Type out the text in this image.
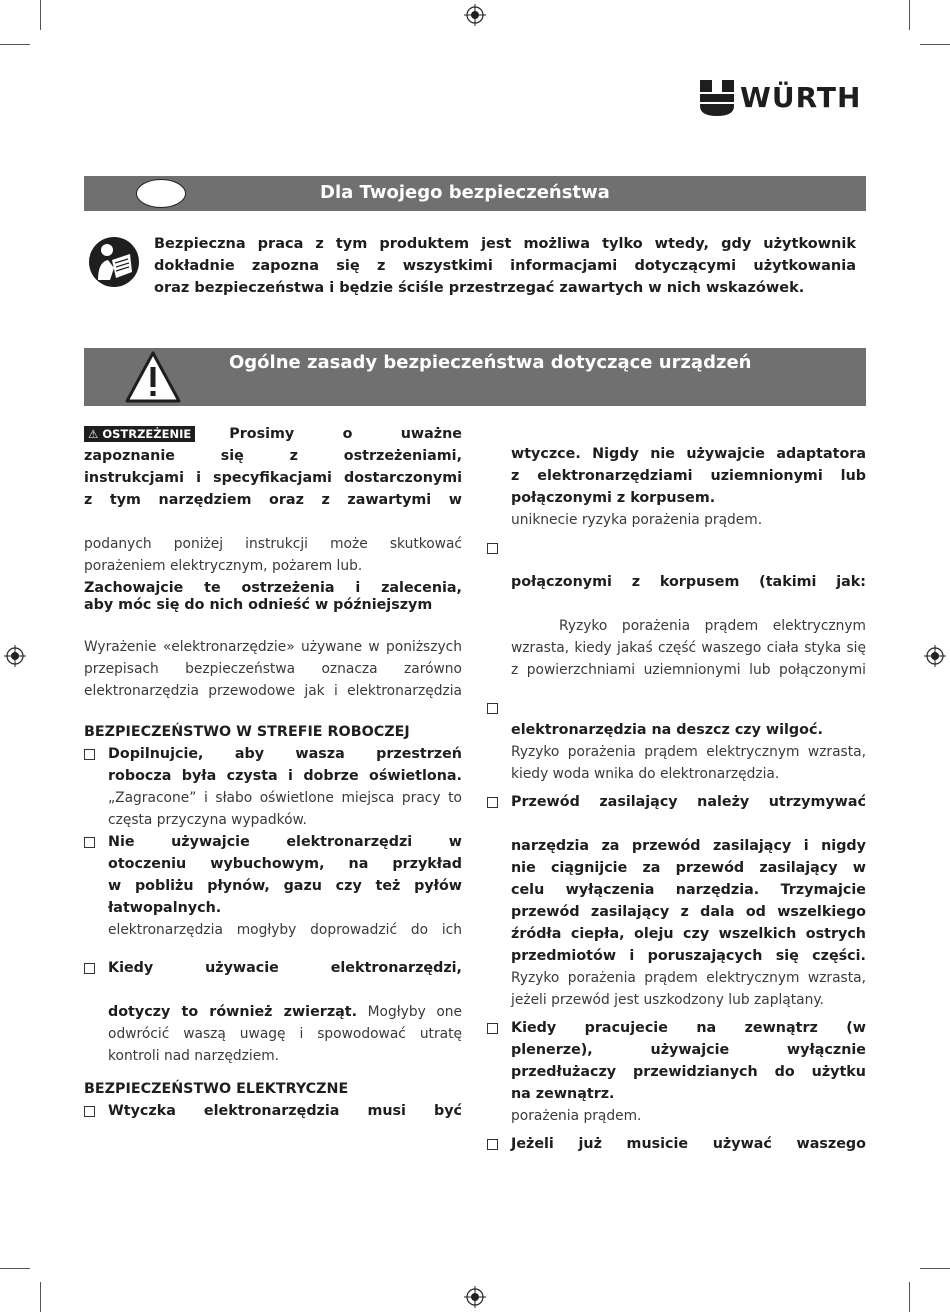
WÜRTH
Dla Twojego bezpieczeństwa

Bezpieczna praca z tym produktem jest możliwa tylko wtedy, gdy użytkownik

dokładnie zapozna się z wszystkimi informacjami dotyczącymi użytkowania

oraz bezpieczeństwa i będzie ściśle przestrzegać zawartych w nich wskazówek.

Ogólne zasady bezpieczeństwa dotyczące urządzeń

⚠ OSTRZEŻENIE	Prosimy o uważne

zapoznanie się z ostrzeżeniami,

instrukcjami i specyfikacjami dostarczonymi

z tym narzędziem oraz z zawartymi w

podanych poniżej instrukcji może skutkować

porażeniem elektrycznym, pożarem lub.

Zachowajcie te ostrzeżenia i zalecenia,

aby móc się do nich odnieść w późniejszym

Wyrażenie «elektronarzędzie» używane w poniższych

przepisach bezpieczeństwa oznacza zarówno

elektronarzędzia przewodowe jak i elektronarzędzia

BEZPIECZEŃSTWO W STREFIE ROBOCZEJ

Dopilnujcie, aby wasza przestrzeń

robocza była czysta i dobrze oświetlona.

„Zagracone” i słabo oświetlone miejsca pracy to

częsta przyczyna wypadków.

Nie używajcie elektronarzędzi w

otoczeniu wybuchowym, na przykład

w pobliżu płynów, gazu czy też pyłów

łatwopalnych.

elektronarzędzia mogłyby doprowadzić do ich

Kiedy używacie elektronarzędzi,

dotyczy to również zwierząt. Mogłyby one

odwrócić waszą uwagę i spowodować utratę

kontroli nad narzędziem.

BEZPIECZEŃSTWO ELEKTRYCZNE

Wtyczka elektronarzędzia musi być

wtyczce. Nigdy nie używajcie adaptatora

z elektronarzędziami uziemnionymi lub

połączonymi z korpusem.

uniknecie ryzyka porażenia prądem.

połączonymi z korpusem (takimi jak:

Ryzyko porażenia prądem elektrycznym

wzrasta, kiedy jakaś część waszego ciała styka się

z powierzchniami uziemnionymi lub połączonymi

elektronarzędzia na deszcz czy wilgoć.

Ryzyko porażenia prądem elektrycznym wzrasta,

kiedy woda wnika do elektronarzędzia.

Przewód zasilający należy utrzymywać

narzędzia za przewód zasilający i nigdy

nie ciągnijcie za przewód zasilający w

celu wyłączenia narzędzia. Trzymajcie

przewód zasilający z dala od wszelkiego

źródła ciepła, oleju czy wszelkich ostrych

przedmiotów i poruszających się części.

Ryzyko porażenia prądem elektrycznym wzrasta,

jeżeli przewód jest uszkodzony lub zaplątany.

Kiedy pracujecie na zewnątrz (w

plenerze), używajcie wyłącznie

przedłużaczy przewidzianych do użytku

na zewnątrz.

porażenia prądem.

Jeżeli już musicie używać waszego
